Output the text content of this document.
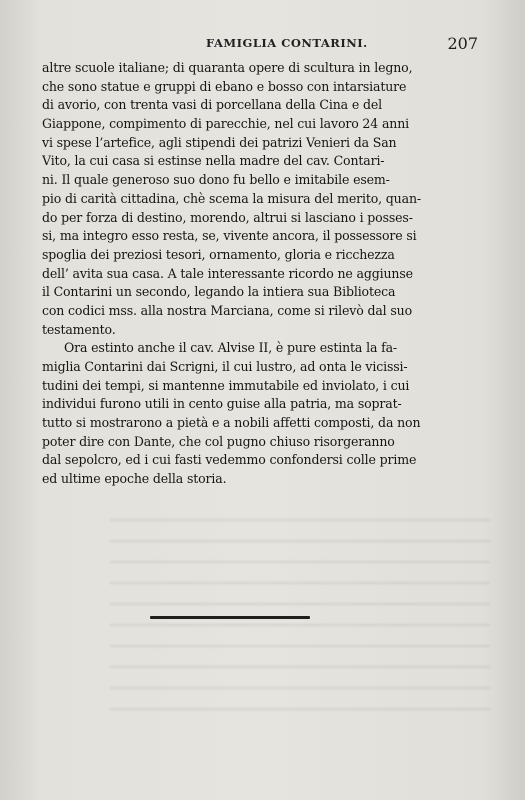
FAMIGLIA CONTARINI.	207
altre scuole italiane; di quaranta opere di scultura in legno,
che sono statue e gruppi di ebano e bosso con intarsiature
di avorio, con trenta vasi di porcellana della Cina e del
Giappone, compimento di parecchie, nel cui lavoro 24 anni
vi spese l’artefice, agli stipendi dei patrizi Venieri da San
Vito, la cui casa si estinse nella madre del cav. Contari-
ni. Il quale generoso suo dono fu bello e imitabile esem-
pio di carità cittadina, chè scema la misura del merito, quan-
do per forza di destino, morendo, altrui si lasciano i posses-
si, ma integro esso resta, se, vivente ancora, il possessore si
spoglia dei preziosi tesori, ornamento, gloria e ricchezza
dell’ avita sua casa. A tale interessante ricordo ne aggiunse
il Contarini un secondo, legando la intiera sua Biblioteca
con codici mss. alla nostra Marciana, come si rilevò dal suo
testamento.
Ora estinto anche il cav. Alvise II, è pure estinta la fa-
miglia Contarini dai Scrigni, il cui lustro, ad onta le vicissi-
tudini dei tempi, si mantenne immutabile ed inviolato, i cui
individui furono utili in cento guise alla patria, ma soprat-
tutto si mostrarono a pietà e a nobili affetti composti, da non
poter dire con Dante, che col pugno chiuso risorgeranno
dal sepolcro, ed i cui fasti vedemmo confondersi colle prime
ed ultime epoche della storia.
